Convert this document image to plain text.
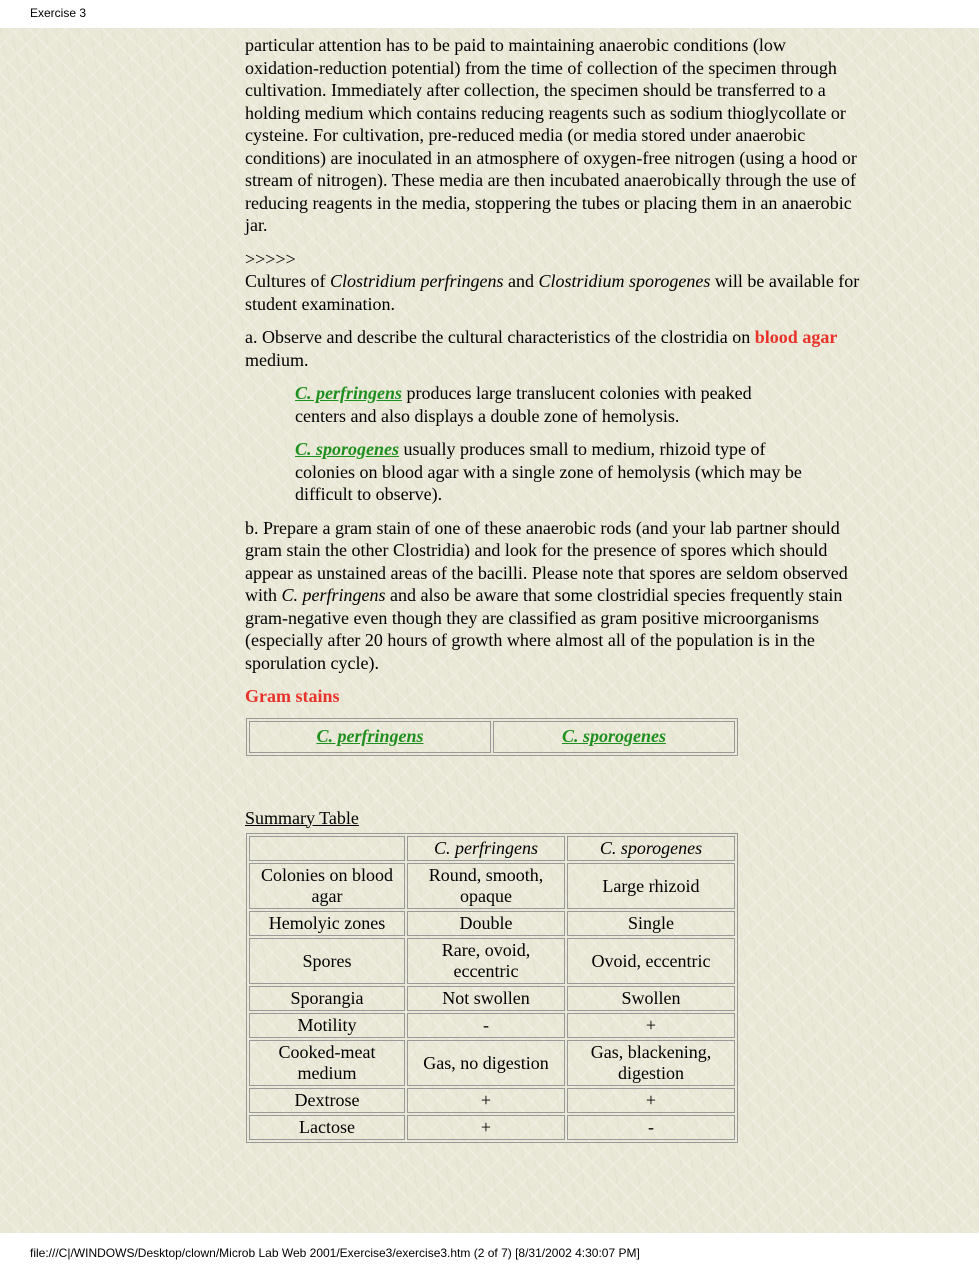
Exercise 3

particular attention has to be paid to maintaining anaerobic conditions (low oxidation-reduction potential) from the time of collection of the specimen through cultivation. Immediately after collection, the specimen should be transferred to a holding medium which contains reducing reagents such as sodium thioglycollate or cysteine. For cultivation, pre-reduced media (or media stored under anaerobic conditions) are inoculated in an atmosphere of oxygen-free nitrogen (using a hood or stream of nitrogen). These media are then incubated anaerobically through the use of reducing reagents in the media, stoppering the tubes or placing them in an anaerobic jar.

>>>>>
Cultures of Clostridium perfringens and Clostridium sporogenes will be available for student examination.

a. Observe and describe the cultural characteristics of the clostridia on blood agar medium.

C. perfringens produces large translucent colonies with peaked centers and also displays a double zone of hemolysis.

C. sporogenes usually produces small to medium, rhizoid type of colonies on blood agar with a single zone of hemolysis (which may be difficult to observe).

b. Prepare a gram stain of one of these anaerobic rods (and your lab partner should gram stain the other Clostridia) and look for the presence of spores which should appear as unstained areas of the bacilli. Please note that spores are seldom observed with C. perfringens and also be aware that some clostridial species frequently stain gram-negative even though they are classified as gram positive microorganisms (especially after 20 hours of growth where almost all of the population is in the sporulation cycle).

Gram stains

C. perfringens	C. sporogenes

Summary Table

	C. perfringens	C. sporogenes
Colonies on blood agar	Round, smooth, opaque	Large rhizoid
Hemolyic zones	Double	Single
Spores	Rare, ovoid, eccentric	Ovoid, eccentric
Sporangia	Not swollen	Swollen
Motility	-	+
Cooked-meat medium	Gas, no digestion	Gas, blackening, digestion
Dextrose	+	+
Lactose	+	-
file:///C|/WINDOWS/Desktop/clown/Microb Lab Web 2001/Exercise3/exercise3.htm (2 of 7) [8/31/2002 4:30:07 PM]
